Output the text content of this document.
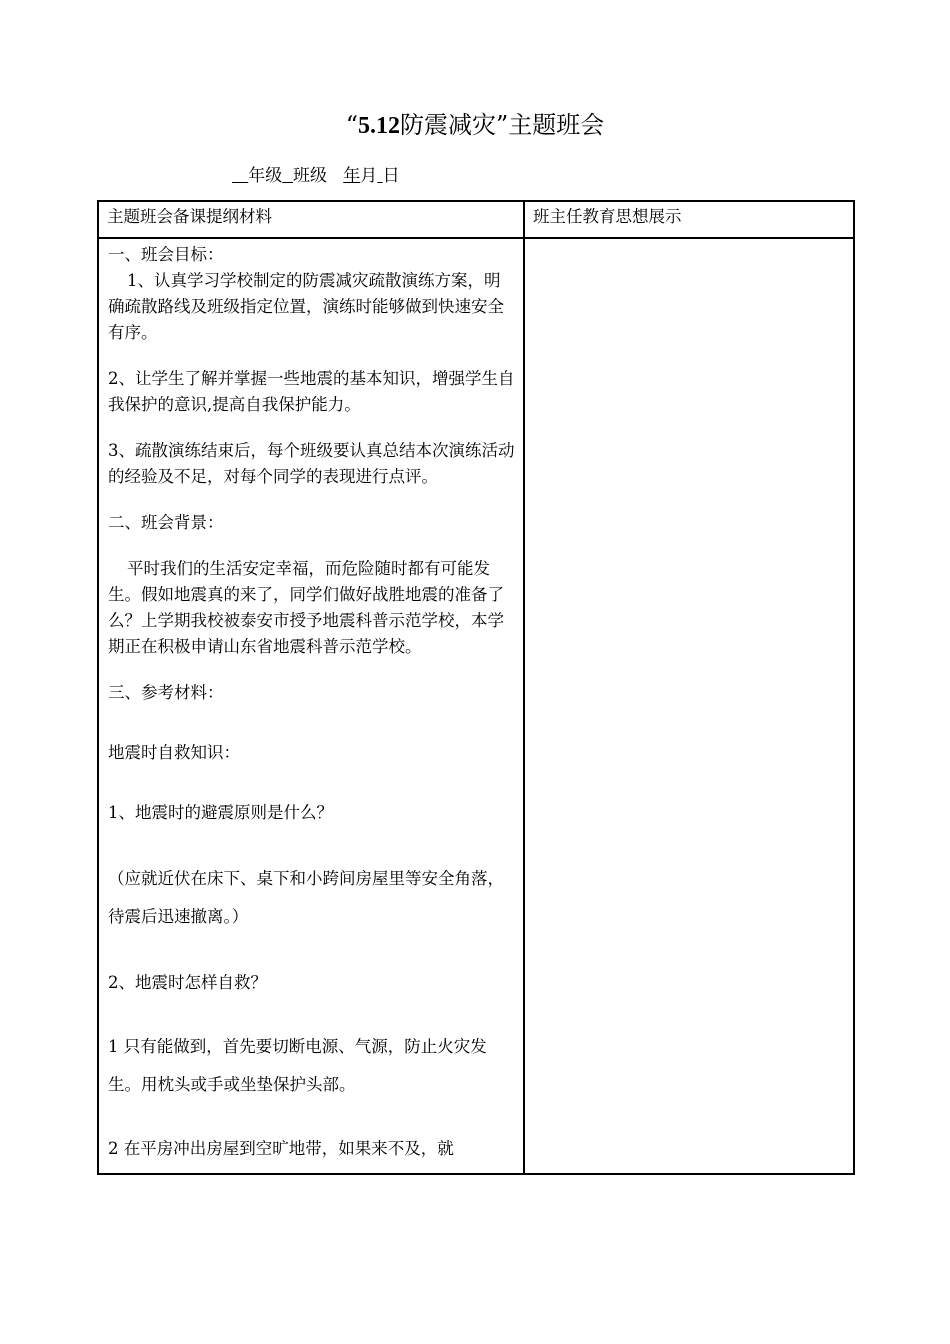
“5.12防震减灾”主题班会
年级 班级 年月 日
主题班会备课提纲材料	班主任教育思想展示

一、班会目标：

1、认真学习学校制定的防震减灾疏散演练方案，明确疏散路线及班级指定位置，演练时能够做到快速安全有序。

2、让学生了解并掌握一些地震的基本知识，增强学生自我保护的意识,提高自我保护能力。

3、疏散演练结束后，每个班级要认真总结本次演练活动的经验及不足，对每个同学的表现进行点评。

二、班会背景：

平时我们的生活安定幸福，而危险随时都有可能发生。假如地震真的来了，同学们做好战胜地震的准备了么？上学期我校被泰安市授予地震科普示范学校，本学期正在积极申请山东省地震科普示范学校。

三、参考材料：

地震时自救知识：

1、地震时的避震原则是什么？

（应就近伏在床下、桌下和小跨间房屋里等安全角落，待震后迅速撤离。）

2、地震时怎样自救？

1 只有能做到，首先要切断电源、气源，防止火灾发生。用枕头或手或坐垫保护头部。

2 在平房冲出房屋到空旷地带，如果来不及，就
